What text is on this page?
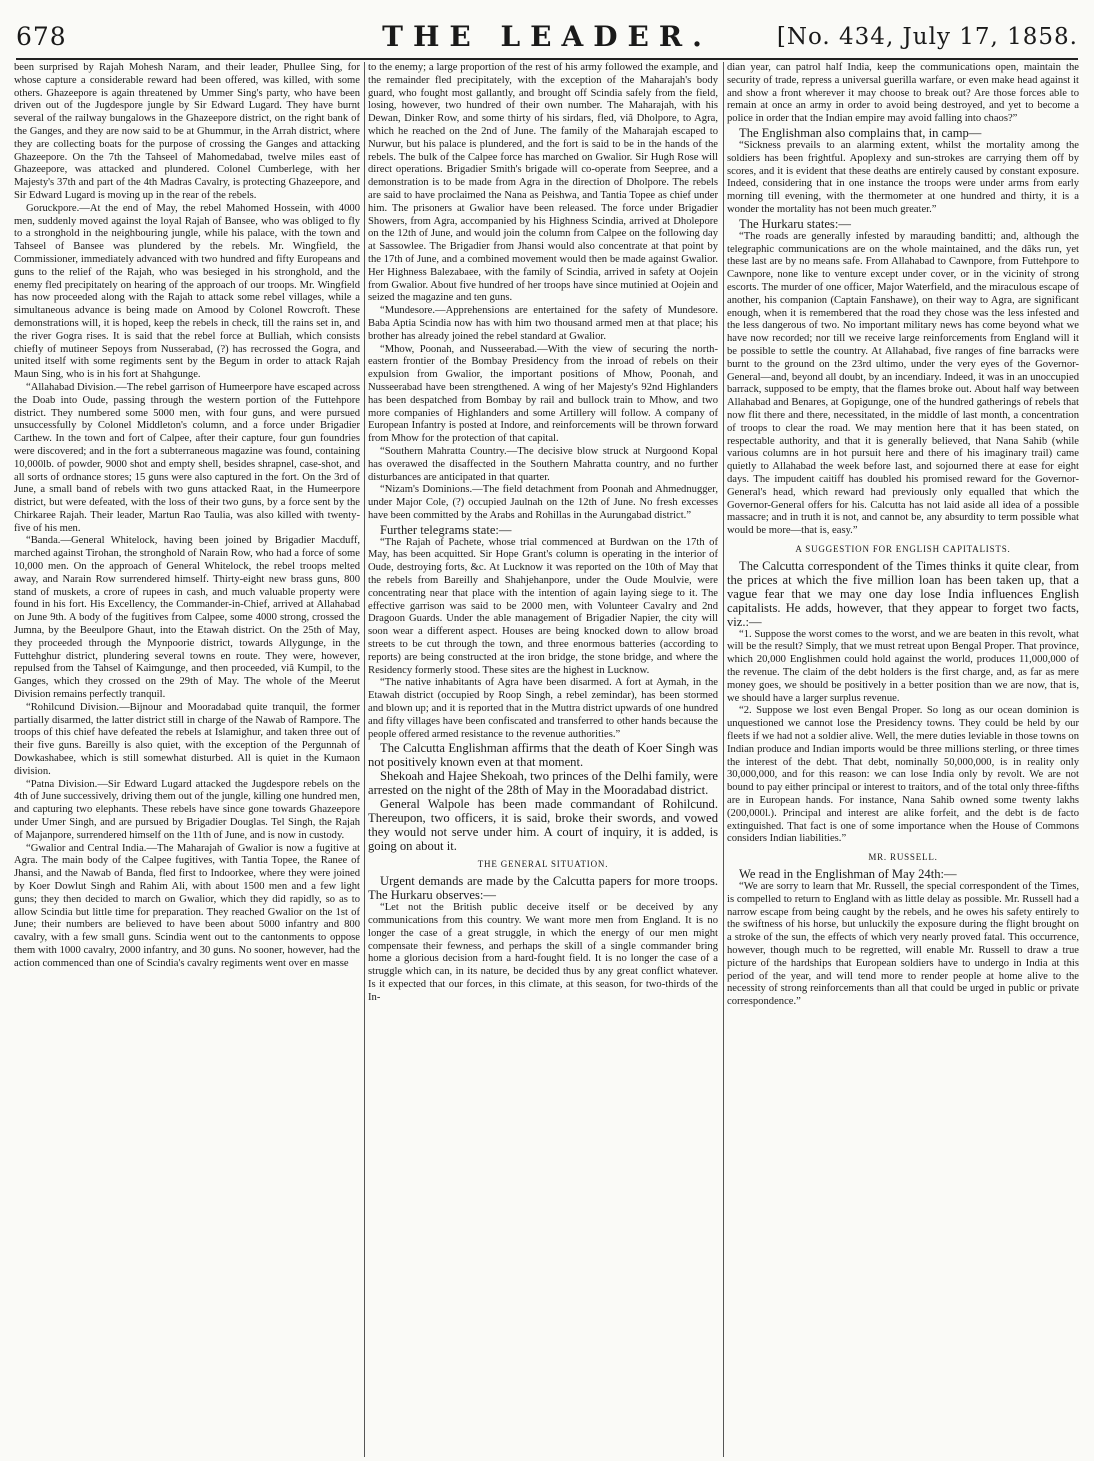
678	THE LEADER.	[No. 434, July 17, 1858.

been surprised by Rajah Mohesh Naram, and their leader, Phullee Sing, for whose capture a considerable reward had been offered, was killed, with some others. Ghazeepore is again threatened by Ummer Sing's party, who have been driven out of the Jugdespore jungle by Sir Edward Lugard. They have burnt several of the railway bungalows in the Ghazeepore district, on the right bank of the Ganges, and they are now said to be at Ghummur, in the Arrah district, where they are collecting boats for the purpose of crossing the Ganges and attacking Ghazeepore. On the 7th the Tahseel of Mahomedabad, twelve miles east of Ghazeepore, was attacked and plundered. Colonel Cumberlege, with her Majesty's 37th and part of the 4th Madras Cavalry, is protecting Ghazeepore, and Sir Edward Lugard is moving up in the rear of the rebels.

Goruckpore.—At the end of May, the rebel Mahomed Hossein, with 4000 men, suddenly moved against the loyal Rajah of Bansee, who was obliged to fly to a stronghold in the neighbouring jungle, while his palace, with the town and Tahseel of Bansee was plundered by the rebels. Mr. Wingfield, the Commissioner, immediately advanced with two hundred and fifty Europeans and guns to the relief of the Rajah, who was besieged in his stronghold, and the enemy fled precipitately on hearing of the approach of our troops. Mr. Wingfield has now proceeded along with the Rajah to attack some rebel villages, while a simultaneous advance is being made on Amood by Colonel Rowcroft. These demonstrations will, it is hoped, keep the rebels in check, till the rains set in, and the river Gogra rises. It is said that the rebel force at Bulliah, which consists chiefly of mutineer Sepoys from Nusserabad, (?) has recrossed the Gogra, and united itself with some regiments sent by the Begum in order to attack Rajah Maun Sing, who is in his fort at Shahgunge.

“Allahabad Division.—The rebel garrison of Humeerpore have escaped across the Doab into Oude, passing through the western portion of the Futtehpore district. They numbered some 5000 men, with four guns, and were pursued unsuccessfully by Colonel Middleton's column, and a force under Brigadier Carthew. In the town and fort of Calpee, after their capture, four gun foundries were discovered; and in the fort a subterraneous magazine was found, containing 10,000lb. of powder, 9000 shot and empty shell, besides shrapnel, case-shot, and all sorts of ordnance stores; 15 guns were also captured in the fort. On the 3rd of June, a small band of rebels with two guns attacked Raat, in the Humeerpore district, but were defeated, with the loss of their two guns, by a force sent by the Chirkaree Rajah. Their leader, Martun Rao Taulia, was also killed with twenty-five of his men.

“Banda.—General Whitelock, having been joined by Brigadier Macduff, marched against Tirohan, the stronghold of Narain Row, who had a force of some 10,000 men. On the approach of General Whitelock, the rebel troops melted away, and Narain Row surrendered himself. Thirty-eight new brass guns, 800 stand of muskets, a crore of rupees in cash, and much valuable property were found in his fort. His Excellency, the Commander-in-Chief, arrived at Allahabad on June 9th. A body of the fugitives from Calpee, some 4000 strong, crossed the Jumna, by the Beeulpore Ghaut, into the Etawah district. On the 25th of May, they proceeded through the Mynpoorie district, towards Allygunge, in the Futtehghur district, plundering several towns en route. They were, however, repulsed from the Tahsel of Kaimgunge, and then proceeded, viâ Kumpil, to the Ganges, which they crossed on the 29th of May. The whole of the Meerut Division remains perfectly tranquil.

“Rohilcund Division.—Bijnour and Mooradabad quite tranquil, the former partially disarmed, the latter district still in charge of the Nawab of Rampore. The troops of this chief have defeated the rebels at Islamighur, and taken three out of their five guns. Bareilly is also quiet, with the exception of the Pergunnah of Dowkashabee, which is still somewhat disturbed. All is quiet in the Kumaon division.

“Patna Division.—Sir Edward Lugard attacked the Jugdespore rebels on the 4th of June successively, driving them out of the jungle, killing one hundred men, and capturing two elephants. These rebels have since gone towards Ghazeepore under Umer Singh, and are pursued by Brigadier Douglas. Tel Singh, the Rajah of Majanpore, surrendered himself on the 11th of June, and is now in custody.

“Gwalior and Central India.—The Maharajah of Gwalior is now a fugitive at Agra. The main body of the Calpee fugitives, with Tantia Topee, the Ranee of Jhansi, and the Nawab of Banda, fled first to Indoorkee, where they were joined by Koer Dowlut Singh and Rahim Ali, with about 1500 men and a few light guns; they then decided to march on Gwalior, which they did rapidly, so as to allow Scindia but little time for preparation. They reached Gwalior on the 1st of June; their numbers are believed to have been about 5000 infantry and 800 cavalry, with a few small guns. Scindia went out to the cantonments to oppose them with 1000 cavalry, 2000 infantry, and 30 guns. No sooner, however, had the action commenced than one of Scindia's cavalry regiments went over en masse

to the enemy; a large proportion of the rest of his army followed the example, and the remainder fled precipitately, with the exception of the Maharajah's body guard, who fought most gallantly, and brought off Scindia safely from the field, losing, however, two hundred of their own number. The Maharajah, with his Dewan, Dinker Row, and some thirty of his sirdars, fled, viâ Dholpore, to Agra, which he reached on the 2nd of June. The family of the Maharajah escaped to Nurwur, but his palace is plundered, and the fort is said to be in the hands of the rebels. The bulk of the Calpee force has marched on Gwalior. Sir Hugh Rose will direct operations. Brigadier Smith's brigade will co-operate from Seepree, and a demonstration is to be made from Agra in the direction of Dholpore. The rebels are said to have proclaimed the Nana as Peishwa, and Tantia Topee as chief under him. The prisoners at Gwalior have been released. The force under Brigadier Showers, from Agra, accompanied by his Highness Scindia, arrived at Dholepore on the 12th of June, and would join the column from Calpee on the following day at Sassowlee. The Brigadier from Jhansi would also concentrate at that point by the 17th of June, and a combined movement would then be made against Gwalior. Her Highness Balezabaee, with the family of Scindia, arrived in safety at Oojein from Gwalior. About five hundred of her troops have since mutinied at Oojein and seized the magazine and ten guns.

“Mundesore.—Apprehensions are entertained for the safety of Mundesore. Baba Aptia Scindia now has with him two thousand armed men at that place; his brother has already joined the rebel standard at Gwalior.

“Mhow, Poonah, and Nusseerabad.—With the view of securing the north-eastern frontier of the Bombay Presidency from the inroad of rebels on their expulsion from Gwalior, the important positions of Mhow, Poonah, and Nusseerabad have been strengthened. A wing of her Majesty's 92nd Highlanders has been despatched from Bombay by rail and bullock train to Mhow, and two more companies of Highlanders and some Artillery will follow. A company of European Infantry is posted at Indore, and reinforcements will be thrown forward from Mhow for the protection of that capital.

“Southern Mahratta Country.—The decisive blow struck at Nurgoond Kopal has overawed the disaffected in the Southern Mahratta country, and no further disturbances are anticipated in that quarter.

“Nizam's Dominions.—The field detachment from Poonah and Ahmednugger, under Major Cole, (?) occupied Jaulnah on the 12th of June. No fresh excesses have been committed by the Arabs and Rohillas in the Aurungabad district.”

Further telegrams state:—

“The Rajah of Pachete, whose trial commenced at Burdwan on the 17th of May, has been acquitted. Sir Hope Grant's column is operating in the interior of Oude, destroying forts, &c. At Lucknow it was reported on the 10th of May that the rebels from Bareilly and Shahjehanpore, under the Oude Moulvie, were concentrating near that place with the intention of again laying siege to it. The effective garrison was said to be 2000 men, with Volunteer Cavalry and 2nd Dragoon Guards. Under the able management of Brigadier Napier, the city will soon wear a different aspect. Houses are being knocked down to allow broad streets to be cut through the town, and three enormous batteries (according to reports) are being constructed at the iron bridge, the stone bridge, and where the Residency formerly stood. These sites are the highest in Lucknow.

“The native inhabitants of Agra have been disarmed. A fort at Aymah, in the Etawah district (occupied by Roop Singh, a rebel zemindar), has been stormed and blown up; and it is reported that in the Muttra district upwards of one hundred and fifty villages have been confiscated and transferred to other hands because the people offered armed resistance to the revenue authorities.”

The Calcutta Englishman affirms that the death of Koer Singh was not positively known even at that moment.

Shekoah and Hajee Shekoah, two princes of the Delhi family, were arrested on the night of the 28th of May in the Mooradabad district.

General Walpole has been made commandant of Rohilcund. Thereupon, two officers, it is said, broke their swords, and vowed they would not serve under him. A court of inquiry, it is added, is going on about it.

THE GENERAL SITUATION.

Urgent demands are made by the Calcutta papers for more troops. The Hurkaru observes:—

“Let not the British public deceive itself or be deceived by any communications from this country. We want more men from England. It is no longer the case of a great struggle, in which the energy of our men might compensate their fewness, and perhaps the skill of a single commander bring home a glorious decision from a hard-fought field. It is no longer the case of a struggle which can, in its nature, be decided thus by any great conflict whatever. Is it expected that our forces, in this climate, at this season, for two-thirds of the In-

dian year, can patrol half India, keep the communications open, maintain the security of trade, repress a universal guerilla warfare, or even make head against it and show a front wherever it may choose to break out? Are those forces able to remain at once an army in order to avoid being destroyed, and yet to become a police in order that the Indian empire may avoid falling into chaos?”

The Englishman also complains that, in camp—

“Sickness prevails to an alarming extent, whilst the mortality among the soldiers has been frightful. Apoplexy and sun-strokes are carrying them off by scores, and it is evident that these deaths are entirely caused by constant exposure. Indeed, considering that in one instance the troops were under arms from early morning till evening, with the thermometer at one hundred and thirty, it is a wonder the mortality has not been much greater.”

The Hurkaru states:—

“The roads are generally infested by marauding banditti; and, although the telegraphic communications are on the whole maintained, and the dâks run, yet these last are by no means safe. From Allahabad to Cawnpore, from Futtehpore to Cawnpore, none like to venture except under cover, or in the vicinity of strong escorts. The murder of one officer, Major Waterfield, and the miraculous escape of another, his companion (Captain Fanshawe), on their way to Agra, are significant enough, when it is remembered that the road they chose was the less infested and the less dangerous of two. No important military news has come beyond what we have now recorded; nor till we receive large reinforcements from England will it be possible to settle the country. At Allahabad, five ranges of fine barracks were burnt to the ground on the 23rd ultimo, under the very eyes of the Governor-General—and, beyond all doubt, by an incendiary. Indeed, it was in an unoccupied barrack, supposed to be empty, that the flames broke out. About half way between Allahabad and Benares, at Gopigunge, one of the hundred gatherings of rebels that now flit there and there, necessitated, in the middle of last month, a concentration of troops to clear the road. We may mention here that it has been stated, on respectable authority, and that it is generally believed, that Nana Sahib (while various columns are in hot pursuit here and there of his imaginary trail) came quietly to Allahabad the week before last, and sojourned there at ease for eight days. The impudent caitiff has doubled his promised reward for the Governor-General's head, which reward had previously only equalled that which the Governor-General offers for his. Calcutta has not laid aside all idea of a possible massacre; and in truth it is not, and cannot be, any absurdity to term possible what would be more—that is, easy.”

A SUGGESTION FOR ENGLISH CAPITALISTS.

The Calcutta correspondent of the Times thinks it quite clear, from the prices at which the five million loan has been taken up, that a vague fear that we may one day lose India influences English capitalists. He adds, however, that they appear to forget two facts, viz.:—

“1. Suppose the worst comes to the worst, and we are beaten in this revolt, what will be the result? Simply, that we must retreat upon Bengal Proper. That province, which 20,000 Englishmen could hold against the world, produces 11,000,000 of the revenue. The claim of the debt holders is the first charge, and, as far as mere money goes, we should be positively in a better position than we are now, that is, we should have a larger surplus revenue.

“2. Suppose we lost even Bengal Proper. So long as our ocean dominion is unquestioned we cannot lose the Presidency towns. They could be held by our fleets if we had not a soldier alive. Well, the mere duties leviable in those towns on Indian produce and Indian imports would be three millions sterling, or three times the interest of the debt. That debt, nominally 50,000,000, is in reality only 30,000,000, and for this reason: we can lose India only by revolt. We are not bound to pay either principal or interest to traitors, and of the total only three-fifths are in European hands. For instance, Nana Sahib owned some twenty lakhs (200,000l.). Principal and interest are alike forfeit, and the debt is de facto extinguished. That fact is one of some importance when the House of Commons considers Indian liabilities.”

MR. RUSSELL.

We read in the Englishman of May 24th:—

“We are sorry to learn that Mr. Russell, the special correspondent of the Times, is compelled to return to England with as little delay as possible. Mr. Russell had a narrow escape from being caught by the rebels, and he owes his safety entirely to the swiftness of his horse, but unluckily the exposure during the flight brought on a stroke of the sun, the effects of which very nearly proved fatal. This occurrence, however, though much to be regretted, will enable Mr. Russell to draw a true picture of the hardships that European soldiers have to undergo in India at this period of the year, and will tend more to render people at home alive to the necessity of strong reinforcements than all that could be urged in public or private correspondence.”
